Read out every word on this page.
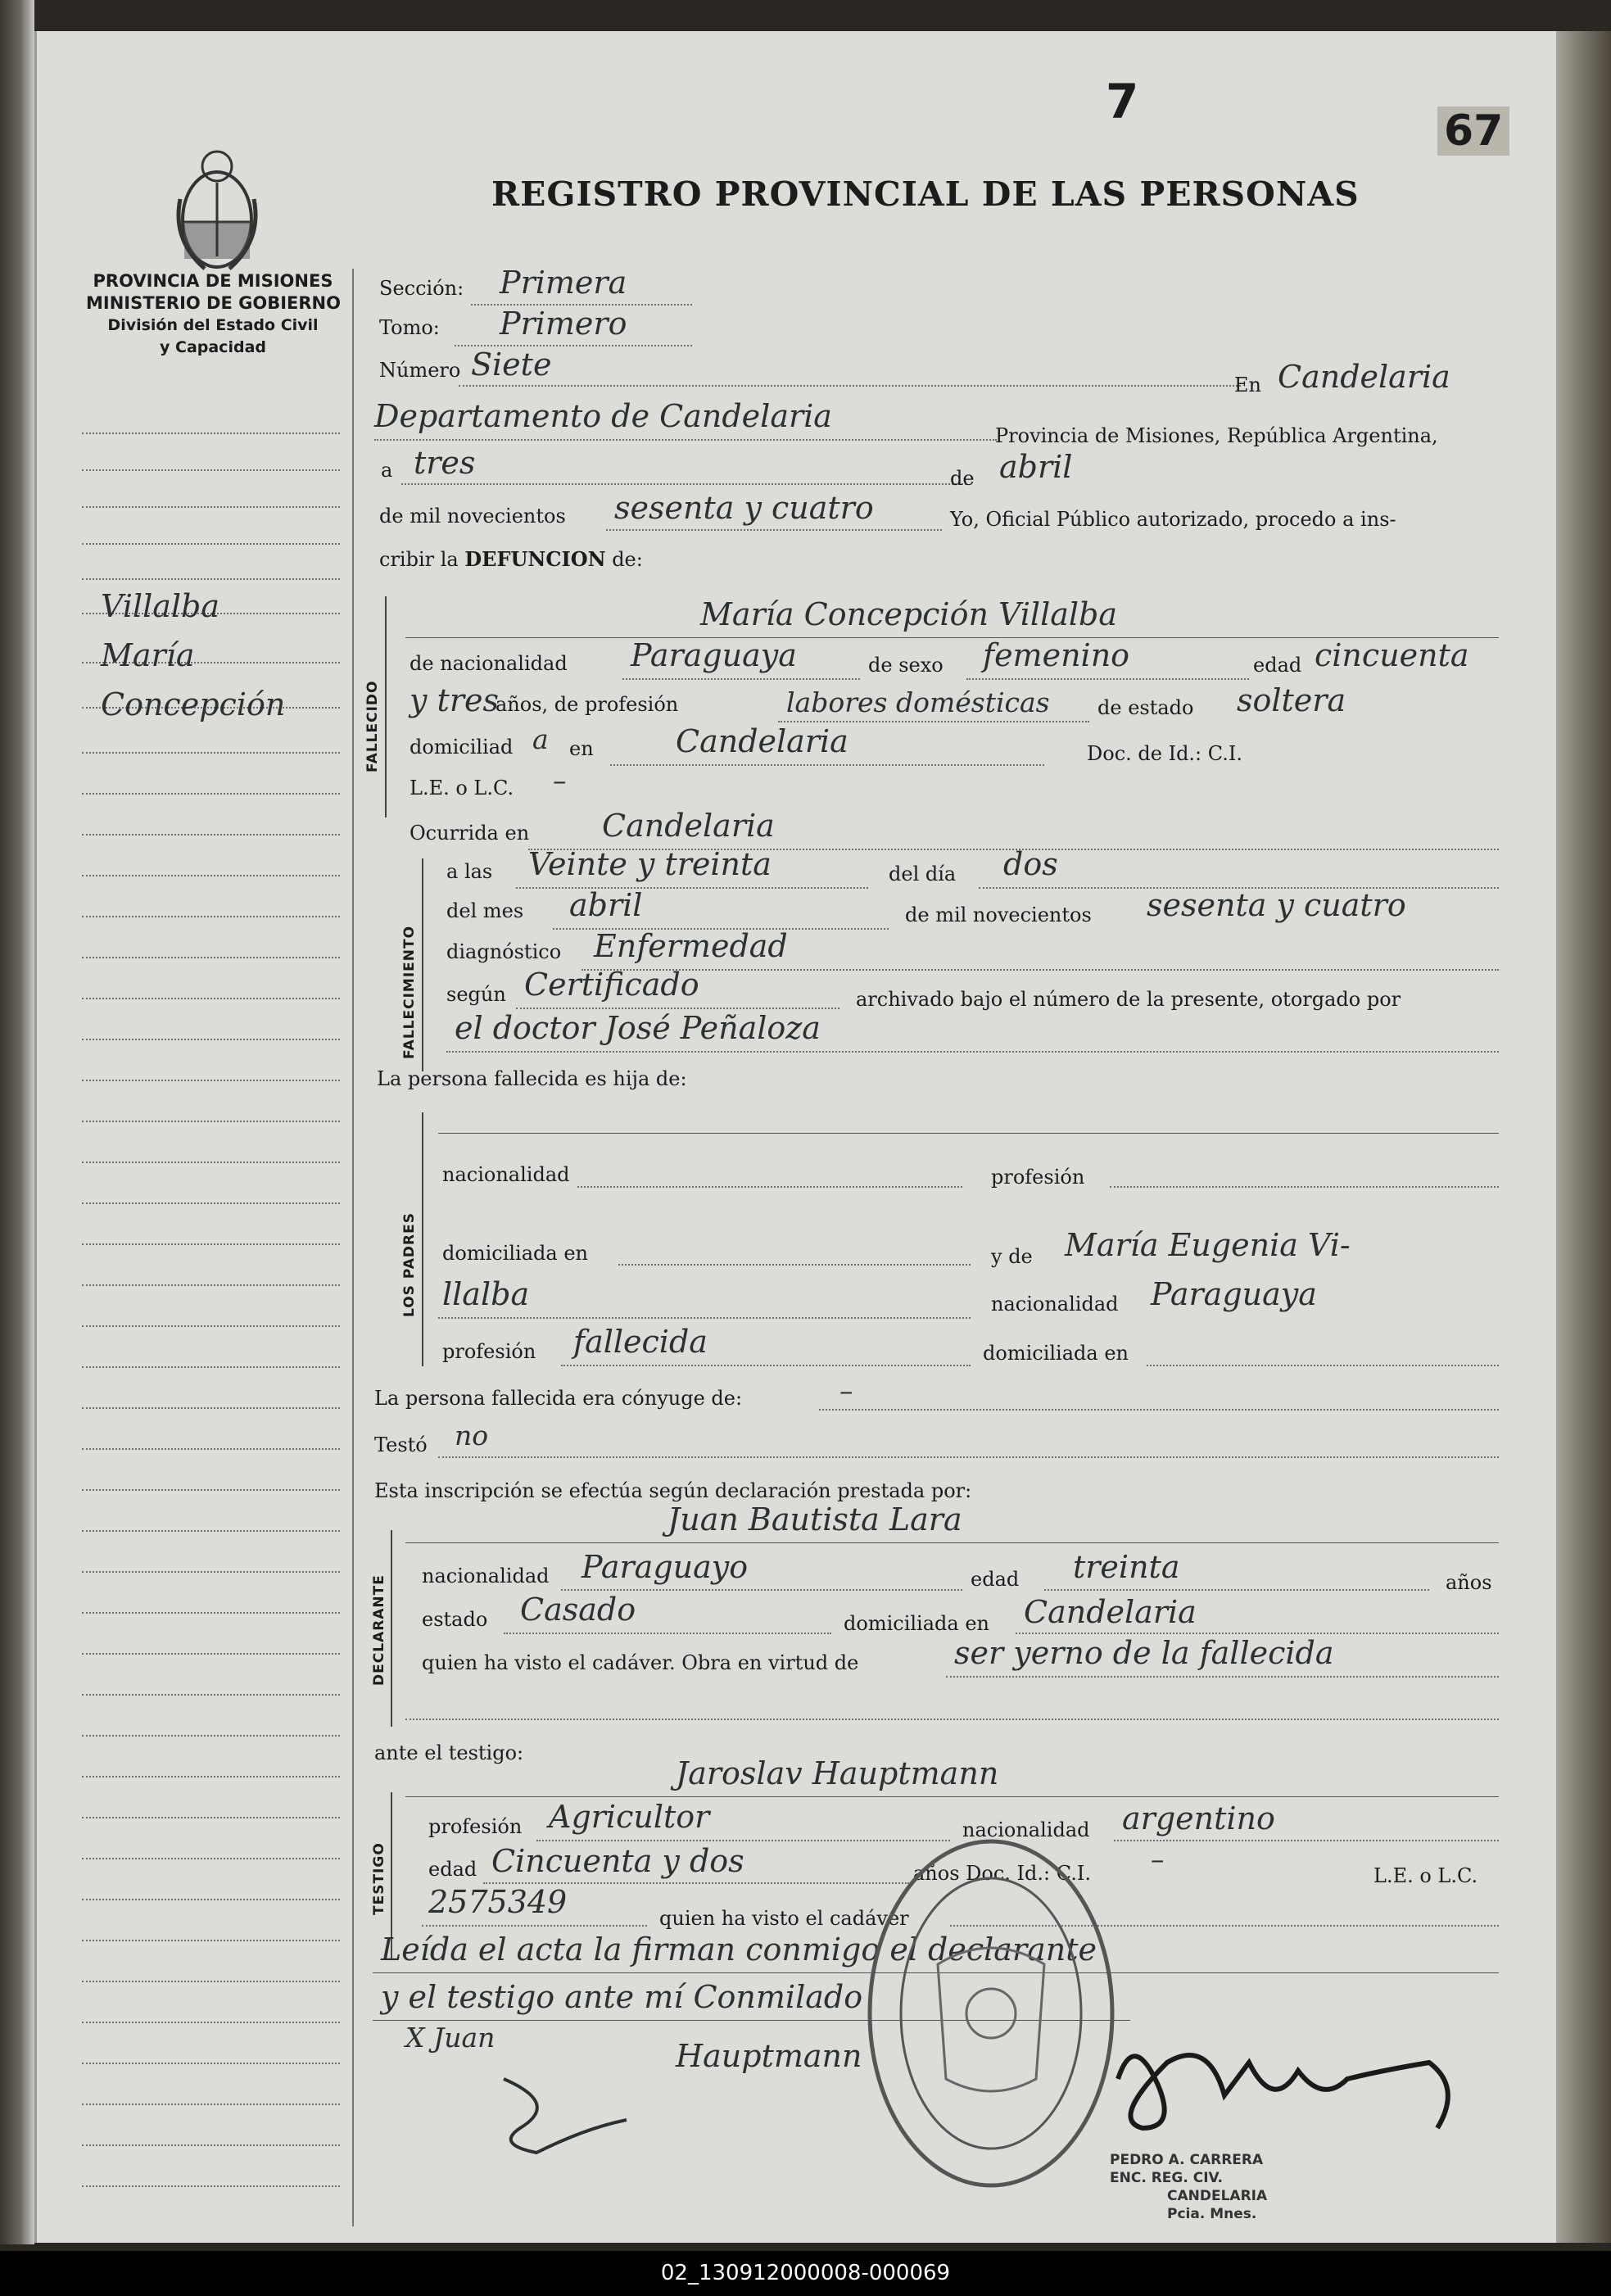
7
67
PROVINCIA DE MISIONES
MINISTERIO DE GOBIERNO
División del Estado Civil
y Capacidad
REGISTRO PROVINCIAL DE LAS PERSONAS
Villalba
María
Concepción
Sección: Primera
Tomo: Primero
Número Siete
En Candelaria
Departamento de Candelaria
Provincia de Misiones, República Argentina,
a tres	de abril
de mil novecientos sesenta y cuatro	Yo, Oficial Público autorizado, procedo a ins-
cribir la DEFUNCION de:
FALLECIDO
María Concepción Villalba
de nacionalidad Paraguaya	de sexo femenino	edad cincuenta
y tres
años, de profesión	labores domésticas de estado soltera
domiciliad a en	Candelaria	Doc. de Id.: C.I.
L.E. o L.C. –
Ocurrida en Candelaria
FALLECIMIENTO
a las Veinte y treinta	del día dos
del mes abril	de mil novecientos sesenta y cuatro
diagnóstico Enfermedad
según Certificado	archivado bajo el número de la presente, otorgado por
el doctor José Peñaloza
La persona fallecida es hija de:
LOS PADRES
nacionalidad	profesión
domiciliada en	y de María Eugenia Vi-
llalba	nacionalidad Paraguaya
profesión fallecida	domiciliada en
La persona fallecida era cónyuge de:	–
Testó no
Esta inscripción se efectúa según declaración prestada por:
DECLARANTE
Juan Bautista Lara
nacionalidad Paraguayo	edad treinta	años
estado Casado	domiciliada en Candelaria
quien ha visto el cadáver. Obra en virtud de	ser yerno de la fallecida
ante el testigo:
TESTIGO
Jaroslav Hauptmann
profesión Agricultor	nacionalidad argentino
edad Cincuenta y dos	años Doc. Id.: C.I. –
L.E. o L.C.
2575349	quien ha visto el cadáver
Leída el acta la firman conmigo el declarante
y el testigo ante mí Conmilado
X Juan
Hauptmann
PEDRO A. CARRERA
ENC. REG. CIV.
CANDELARIA
Pcia. Mnes.
02_130912000008-000069
